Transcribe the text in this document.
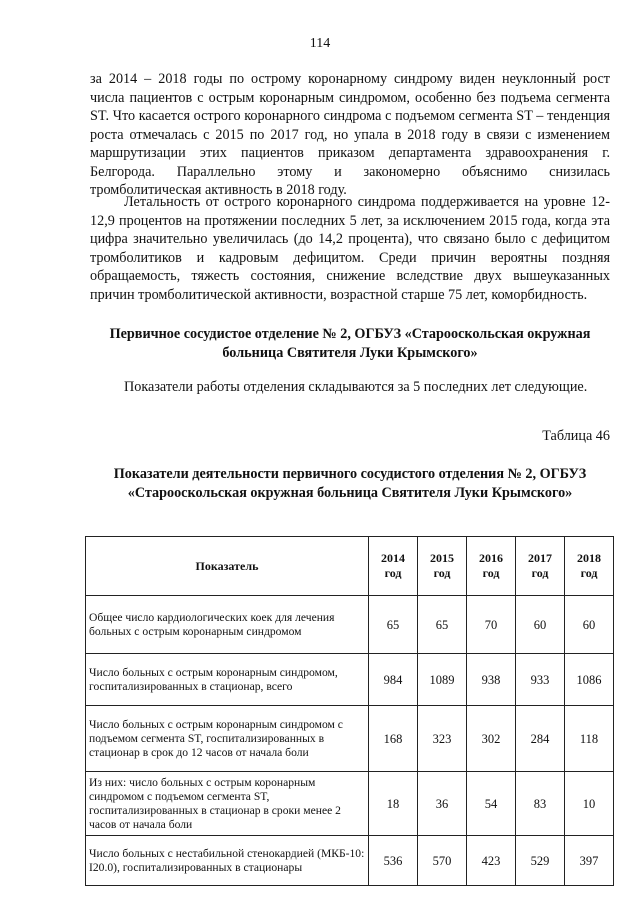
114

за 2014 – 2018 годы по острому коронарному синдрому виден неуклонный рост числа пациентов с острым коронарным синдромом, особенно без подъема сегмента ST. Что касается острого коронарного синдрома с подъемом сегмента ST – тенденция роста отмечалась с 2015 по 2017 год, но упала в 2018 году в связи с изменением маршрутизации этих пациентов приказом департамента здравоохранения г. Белгорода. Параллельно этому и закономерно объяснимо снизилась тромболитическая активность в 2018 году.

Летальность от острого коронарного синдрома поддерживается на уровне 12-12,9 процентов на протяжении последних 5 лет, за исключением 2015 года, когда эта цифра значительно увеличилась (до 14,2 процента), что связано было с дефицитом тромболитиков и кадровым дефицитом. Среди причин вероятны поздняя обращаемость, тяжесть состояния, снижение вследствие двух вышеуказанных причин тромболитической активности, возрастной старше 75 лет, коморбидность.

Первичное сосудистое отделение № 2, ОГБУЗ «Старооскольская окружная больница Святителя Луки Крымского»

Показатели работы отделения складываются за 5 последних лет следующие.

Таблица 46
Показатели деятельности первичного сосудистого отделения № 2, ОГБУЗ «Старооскольская окружная больница Святителя Луки Крымского»
Показатель	2014 год	2015 год	2016 год	2017 год	2018 год
Общее число кардиологических коек для лечения больных с острым коронарным синдромом	65	65	70	60	60
Число больных с острым коронарным синдромом, госпитализированных в стационар, всего	984	1089	938	933	1086
Число больных с острым коронарным синдромом с подъемом сегмента ST, госпитализированных в стационар в срок до 12 часов от начала боли	168	323	302	284	118
Из них: число больных с острым коронарным синдромом с подъемом сегмента ST, госпитализированных в стационар в сроки менее 2 часов от начала боли	18	36	54	83	10
Число больных с нестабильной стенокардией (МКБ-10: I20.0), госпитализированных в стационары	536	570	423	529	397
